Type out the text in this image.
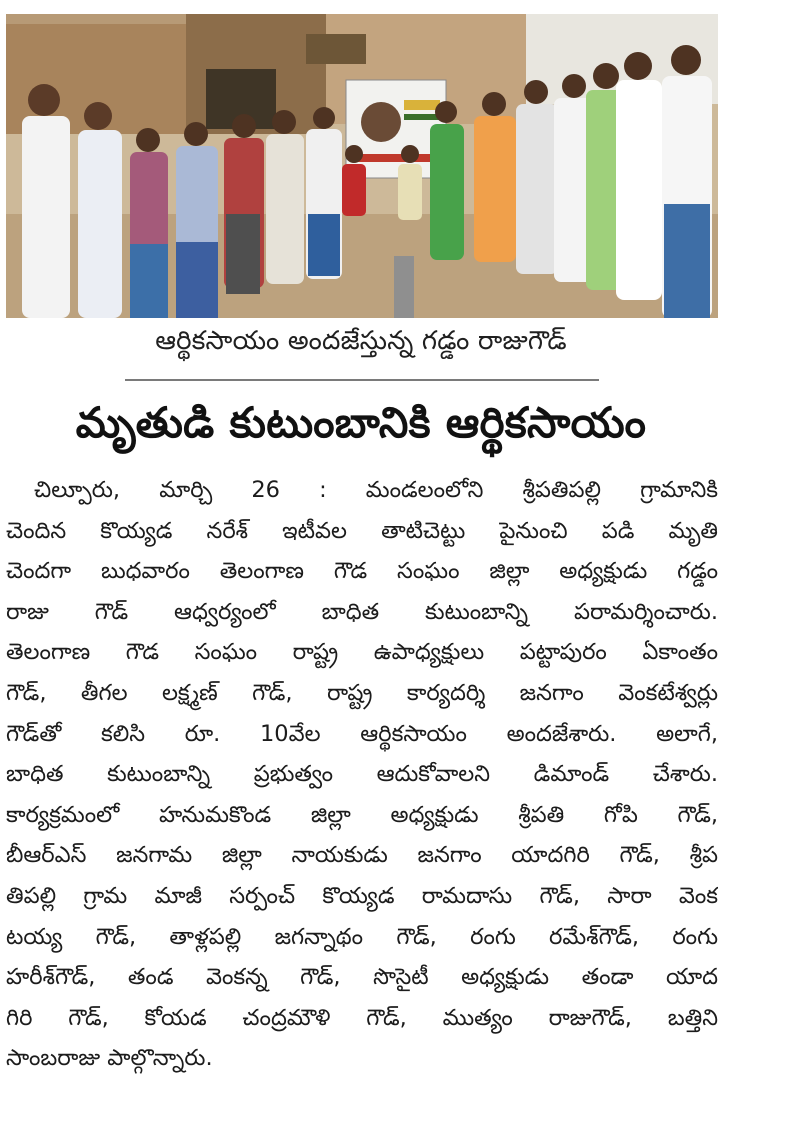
ఆర్థికసాయం అందజేస్తున్న గడ్డం రాజుగౌడ్
మృతుడి కుటుంబానికి ఆర్థికసాయం
చిల్పూరు, మార్చి 26 : మండలంలోని శ్రీపతిపల్లి గ్రామానికి
చెందిన కొయ్యడ నరేశ్ ఇటీవల తాటిచెట్టు పైనుంచి పడి మృతి
చెందగా బుధవారం తెలంగాణ గౌడ సంఘం జిల్లా అధ్యక్షుడు గడ్డం
రాజు గౌడ్ ఆధ్వర్యంలో బాధిత కుటుంబాన్ని పరామర్శించారు.
తెలంగాణ గౌడ సంఘం రాష్ట్ర ఉపాధ్యక్షులు పట్టాపురం ఏకాంతం
గౌడ్, తీగల లక్ష్మణ్ గౌడ్, రాష్ట్ర కార్యదర్శి జనగాం వెంకటేశ్వర్లు
గౌడ్‌తో కలిసి రూ. 10వేల ఆర్థికసాయం అందజేశారు. అలాగే,
బాధిత కుటుంబాన్ని ప్రభుత్వం ఆదుకోవాలని డిమాండ్ చేశారు.
కార్యక్రమంలో హనుమకొండ జిల్లా అధ్యక్షుడు శ్రీపతి గోపి గౌడ్,
బీఆర్ఎస్ జనగామ జిల్లా నాయకుడు జనగాం యాదగిరి గౌడ్, శ్రీప
తిపల్లి గ్రామ మాజీ సర్పంచ్ కొయ్యడ రామదాసు గౌడ్, సారా వెంక
టయ్య గౌడ్, తాళ్లపల్లి జగన్నాథం గౌడ్, రంగు రమేశ్‌గౌడ్, రంగు
హరీశ్‌గౌడ్, తండ వెంకన్న గౌడ్, సొసైటీ అధ్యక్షుడు తండా యాద
గిరి గౌడ్, కోయడ చంద్రమౌళి గౌడ్, ముత్యం రాజుగౌడ్, బత్తిని
సాంబరాజు పాల్గొన్నారు.
